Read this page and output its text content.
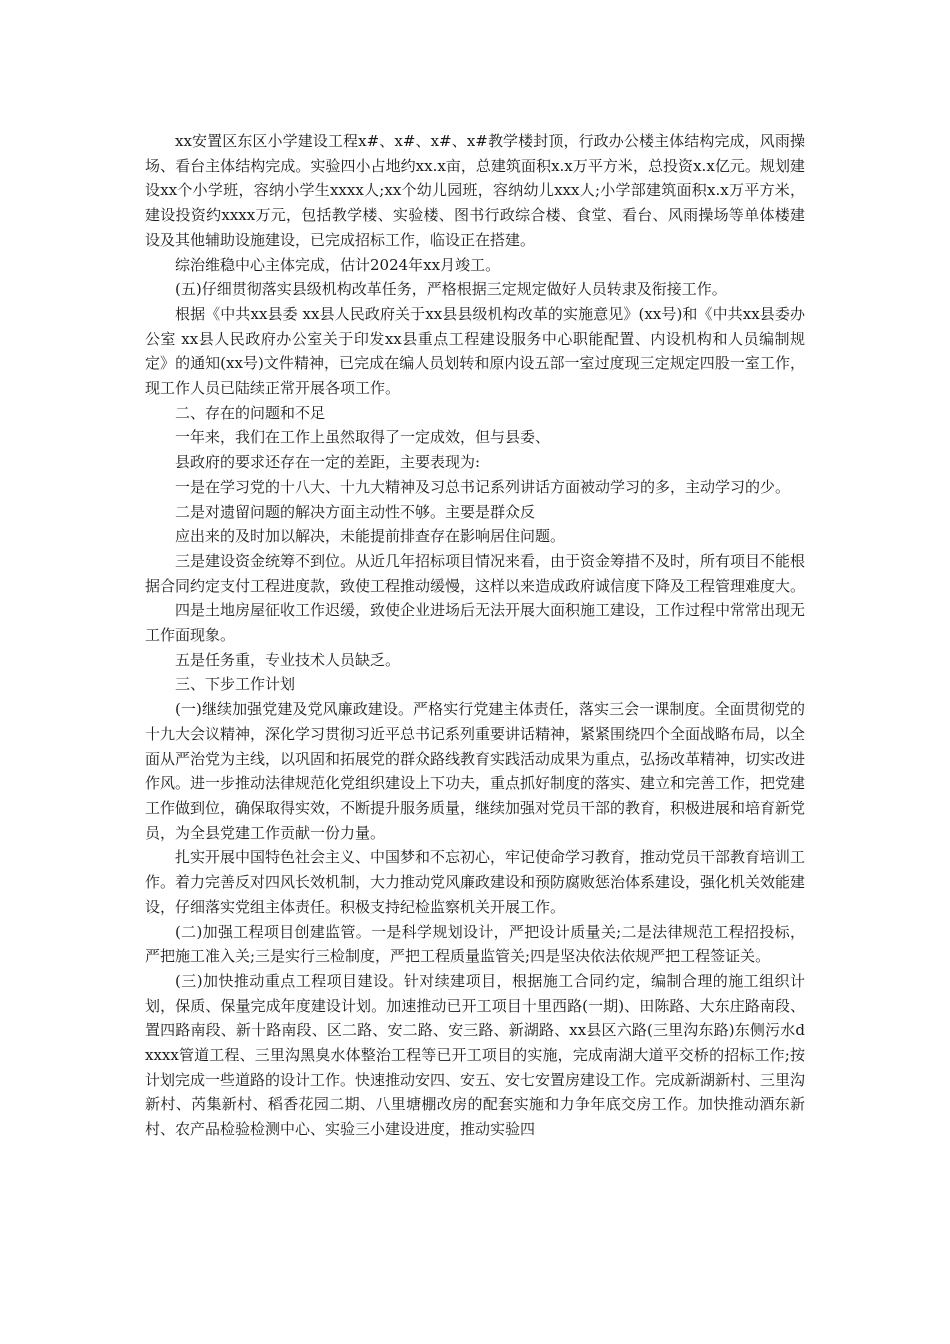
xx安置区东区小学建设工程x#、x#、x#、x#教学楼封顶，行政办公楼主体结构完成，风雨操场、看台主体结构完成。实验四小占地约xx.x亩，总建筑面积x.x万平方米，总投资x.x亿元。规划建设xx个小学班，容纳小学生xxxx人;xx个幼儿园班，容纳幼儿xxx人;小学部建筑面积x.x万平方米，建设投资约xxxx万元，包括教学楼、实验楼、图书行政综合楼、食堂、看台、风雨操场等单体楼建设及其他辅助设施建设，已完成招标工作，临设正在搭建。

综治维稳中心主体完成，估计2024年xx月竣工。

(五)仔细贯彻落实县级机构改革任务，严格根据三定规定做好人员转隶及衔接工作。

根据《中共xx县委 xx县人民政府关于xx县县级机构改革的实施意见》(xx号)和《中共xx县委办公室 xx县人民政府办公室关于印发xx县重点工程建设服务中心职能配置、内设机构和人员编制规定》的通知(xx号)文件精神，已完成在编人员划转和原内设五部一室过度现三定规定四股一室工作，现工作人员已陆续正常开展各项工作。

二、存在的问题和不足

一年来，我们在工作上虽然取得了一定成效，但与县委、

县政府的要求还存在一定的差距，主要表现为:

一是在学习党的十八大、十九大精神及习总书记系列讲话方面被动学习的多，主动学习的少。

二是对遗留问题的解决方面主动性不够。主要是群众反

应出来的及时加以解决，未能提前排查存在影响居住问题。

三是建设资金统筹不到位。从近几年招标项目情况来看，由于资金筹措不及时，所有项目不能根据合同约定支付工程进度款，致使工程推动缓慢，这样以来造成政府诚信度下降及工程管理难度大。

四是土地房屋征收工作迟缓，致使企业进场后无法开展大面积施工建设，工作过程中常常出现无工作面现象。

五是任务重，专业技术人员缺乏。

三、下步工作计划

(一)继续加强党建及党风廉政建设。严格实行党建主体责任，落实三会一课制度。全面贯彻党的十九大会议精神，深化学习贯彻习近平总书记系列重要讲话精神，紧紧围绕四个全面战略布局，以全面从严治党为主线，以巩固和拓展党的群众路线教育实践活动成果为重点，弘扬改革精神，切实改进作风。进一步推动法律规范化党组织建设上下功夫，重点抓好制度的落实、建立和完善工作，把党建工作做到位，确保取得实效，不断提升服务质量，继续加强对党员干部的教育，积极进展和培育新党员，为全县党建工作贡献一份力量。

扎实开展中国特色社会主义、中国梦和不忘初心，牢记使命学习教育，推动党员干部教育培训工作。着力完善反对四风长效机制，大力推动党风廉政建设和预防腐败惩治体系建设，强化机关效能建设，仔细落实党组主体责任。积极支持纪检监察机关开展工作。

(二)加强工程项目创建监管。一是科学规划设计，严把设计质量关;二是法律规范工程招投标，严把施工准入关;三是实行三检制度，严把工程质量监管关;四是坚决依法依规严把工程签证关。

(三)加快推动重点工程项目建设。针对续建项目，根据施工合同约定，编制合理的施工组织计划，保质、保量完成年度建设计划。加速推动已开工项目十里西路(一期)、田陈路、大东庄路南段、置四路南段、新十路南段、区二路、安二路、安三路、新湖路、xx县区六路(三里沟东路)东侧污水dxxxx管道工程、三里沟黑臭水体整治工程等已开工项目的实施，完成南湖大道平交桥的招标工作;按计划完成一些道路的设计工作。快速推动安四、安五、安七安置房建设工作。完成新湖新村、三里沟新村、芮集新村、稻香花园二期、八里塘棚改房的配套实施和力争年底交房工作。加快推动酒东新村、农产品检验检测中心、实验三小建设进度，推动实验四
